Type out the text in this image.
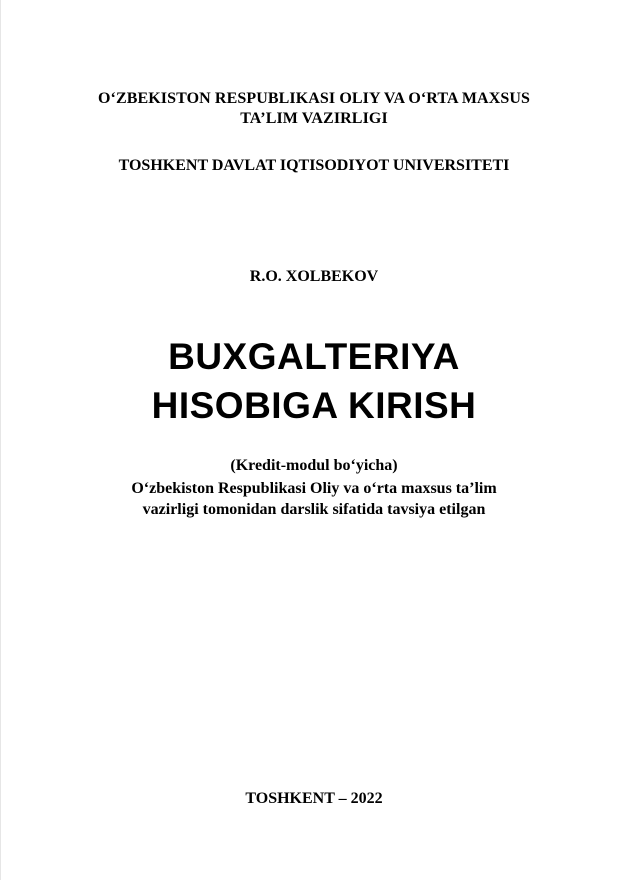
O‘ZBEKISTON RESPUBLIKASI OLIY VA O‘RTA MAXSUS
TA’LIM VAZIRLIGI
TOSHKENT DAVLAT IQTISODIYOT UNIVERSITETI
R.O. XOLBEKOV
BUXGALTERIYA
HISOBIGA KIRISH
(Kredit-modul bo‘yicha)
O‘zbekiston Respublikasi Oliy va o‘rta maxsus ta’lim
vazirligi tomonidan darslik sifatida tavsiya etilgan
TOSHKENT – 2022
